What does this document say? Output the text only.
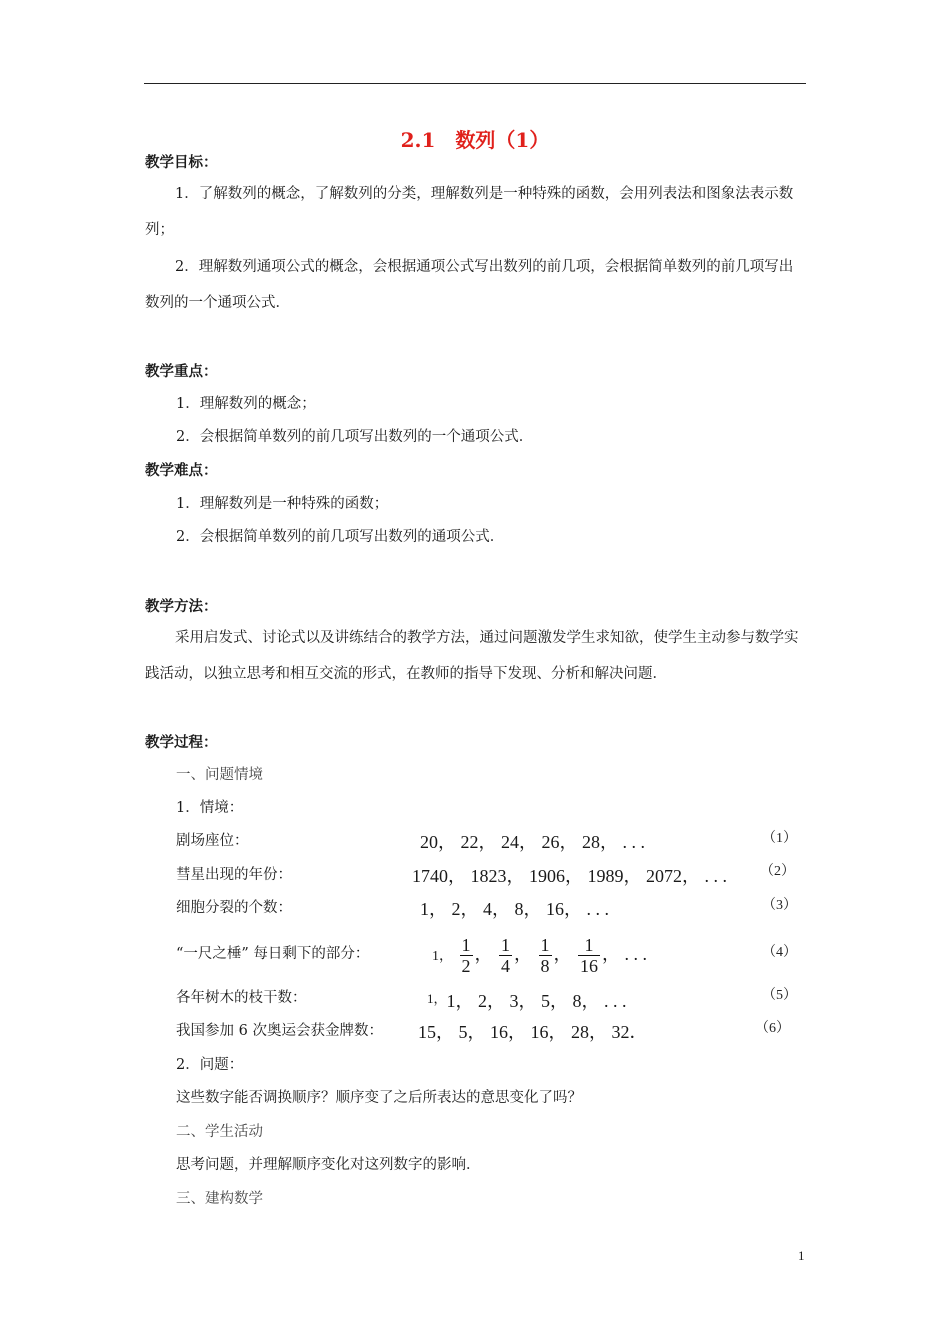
2.1　数列（1）
教学目标：
1．了解数列的概念，了解数列的分类，理解数列是一种特殊的函数，会用列表法和图象法表示数列；
2．理解数列通项公式的概念，会根据通项公式写出数列的前几项，会根据简单数列的前几项写出数列的一个通项公式．
教学重点：
1．理解数列的概念；
2．会根据简单数列的前几项写出数列的一个通项公式．
教学难点：
1．理解数列是一种特殊的函数；
2．会根据简单数列的前几项写出数列的通项公式．
教学方法：
采用启发式、讨论式以及讲练结合的教学方法，通过问题激发学生求知欲，使学生主动参与数学实践活动，以独立思考和相互交流的形式，在教师的指导下发现、分析和解决问题．
教学过程：
一、问题情境
1．情境：
剧场座位：	20， 22， 24， 26， 28， . . .	（1）
彗星出现的年份：	1740， 1823， 1906， 1989， 2072， . . . （2）
细胞分裂的个数：	1， 2， 4， 8， 16， . . .	（3）
“一尺之棰” 每日剩下的部分：	1， $\frac{1}{2}$ ， $\frac{1}{4}$ ， $\frac{1}{8}$ ， $\frac{1}{16}$ ， . . .	（4）
各年树木的枝干数：	$^{1,}$1， 2， 3， 5， 8， . . .	（5）
我国参加 6 次奥运会获金牌数： 15， 5， 16， 16， 28， 32．	（6）
2．问题：
这些数字能否调换顺序？顺序变了之后所表达的意思变化了吗？
二、学生活动
思考问题，并理解顺序变化对这列数字的影响．
三、建构数学
1
